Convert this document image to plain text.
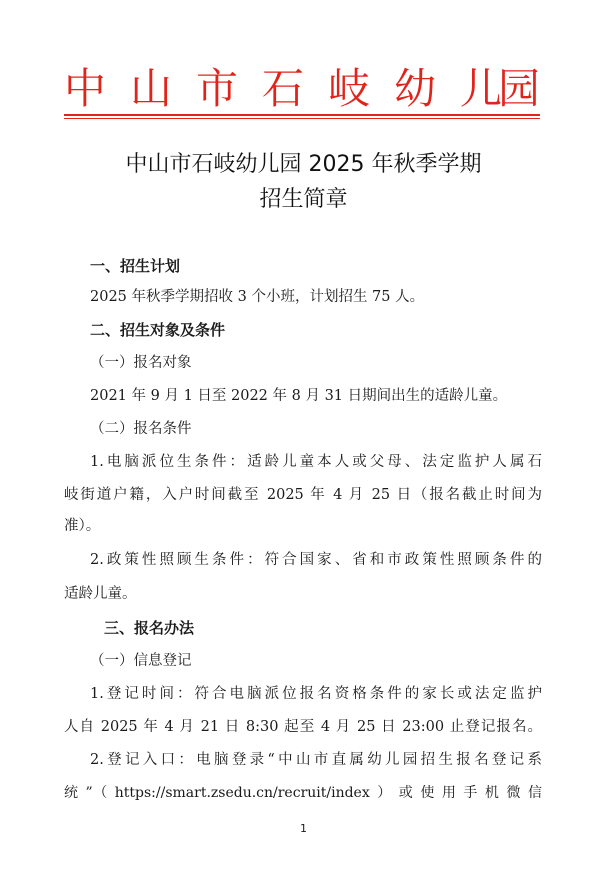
中 山 市 石 岐 幼 儿
园
中山市石岐幼儿园 2025 年秋季学期
招生简章
一、招生计划
2025 年秋季学期招收 3 个小班，计划招生 75 人。
二、招生对象及条件
（一）报名对象
2021 年 9 月 1 日至 2022 年 8 月 31 日期间出生的适龄儿童。
（二）报名条件
1.电脑派位生条件：适龄儿童本人或父母、法定监护人属石
岐街道户籍，入户时间截至 2025 年 4 月 25 日（报名截止时间为
准）。
2.政策性照顾生条件：符合国家、省和市政策性照顾条件的
适龄儿童。
三、报名办法
（一）信息登记
1.登记时间：符合电脑派位报名资格条件的家长或法定监护
人自 2025 年 4 月 21 日 8:30 起至 4 月 25 日 23:00 止登记报名。
2.登记入口：电脑登录“中山市直属幼儿园招生报名登记系
统”（https://smart.zsedu.cn/recruit/index）或使用手机微信
1
